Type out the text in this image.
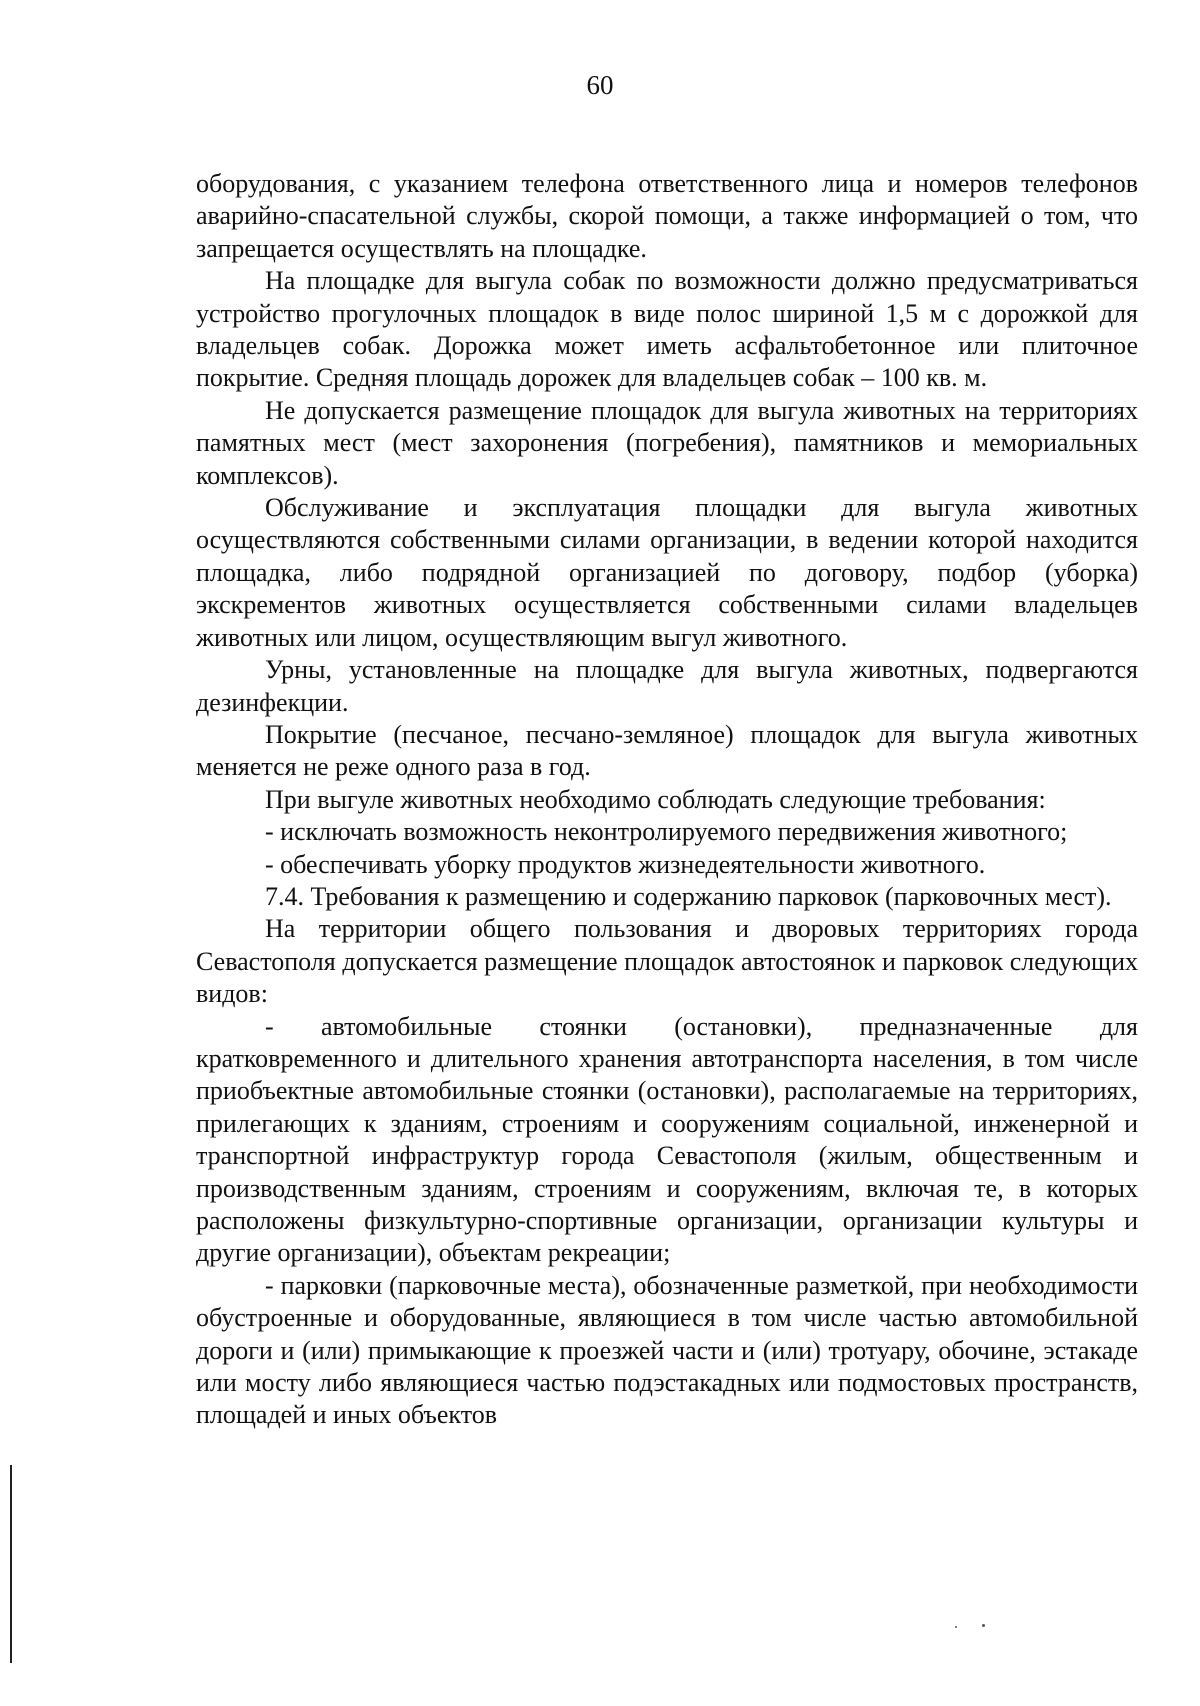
60

оборудования, с указанием телефона ответственного лица и номеров телефонов аварийно-спасательной службы, скорой помощи, а также информацией о том, что запрещается осуществлять на площадке.

На площадке для выгула собак по возможности должно предусматриваться устройство прогулочных площадок в виде полос шириной 1,5 м с дорожкой для владельцев собак. Дорожка может иметь асфальтобетонное или плиточное покрытие. Средняя площадь дорожек для владельцев собак – 100 кв. м.

Не допускается размещение площадок для выгула животных на территориях памятных мест (мест захоронения (погребения), памятников и мемориальных комплексов).

Обслуживание и эксплуатация площадки для выгула животных осуществляются собственными силами организации, в ведении которой находится площадка, либо подрядной организацией по договору, подбор (уборка) экскрементов животных осуществляется собственными силами владельцев животных или лицом, осуществляющим выгул животного.

Урны, установленные на площадке для выгула животных, подвергаются дезинфекции.

Покрытие (песчаное, песчано-земляное) площадок для выгула животных меняется не реже одного раза в год.

При выгуле животных необходимо соблюдать следующие требования:

- исключать возможность неконтролируемого передвижения животного;

- обеспечивать уборку продуктов жизнедеятельности животного.

7.4. Требования к размещению и содержанию парковок (парковочных мест).

На территории общего пользования и дворовых территориях города Севастополя допускается размещение площадок автостоянок и парковок следующих видов:

- автомобильные стоянки (остановки), предназначенные для кратковременного и длительного хранения автотранспорта населения, в том числе приобъектные автомобильные стоянки (остановки), располагаемые на территориях, прилегающих к зданиям, строениям и сооружениям социальной, инженерной и транспортной инфраструктур города Севастополя (жилым, общественным и производственным зданиям, строениям и сооружениям, включая те, в которых расположены физкультурно-спортивные организации, организации культуры и другие организации), объектам рекреации;

- парковки (парковочные места), обозначенные разметкой, при необходимости обустроенные и оборудованные, являющиеся в том числе частью автомобильной дороги и (или) примыкающие к проезжей части и (или) тротуару, обочине, эстакаде или мосту либо являющиеся частью подэстакадных или подмостовых пространств, площадей и иных объектов
